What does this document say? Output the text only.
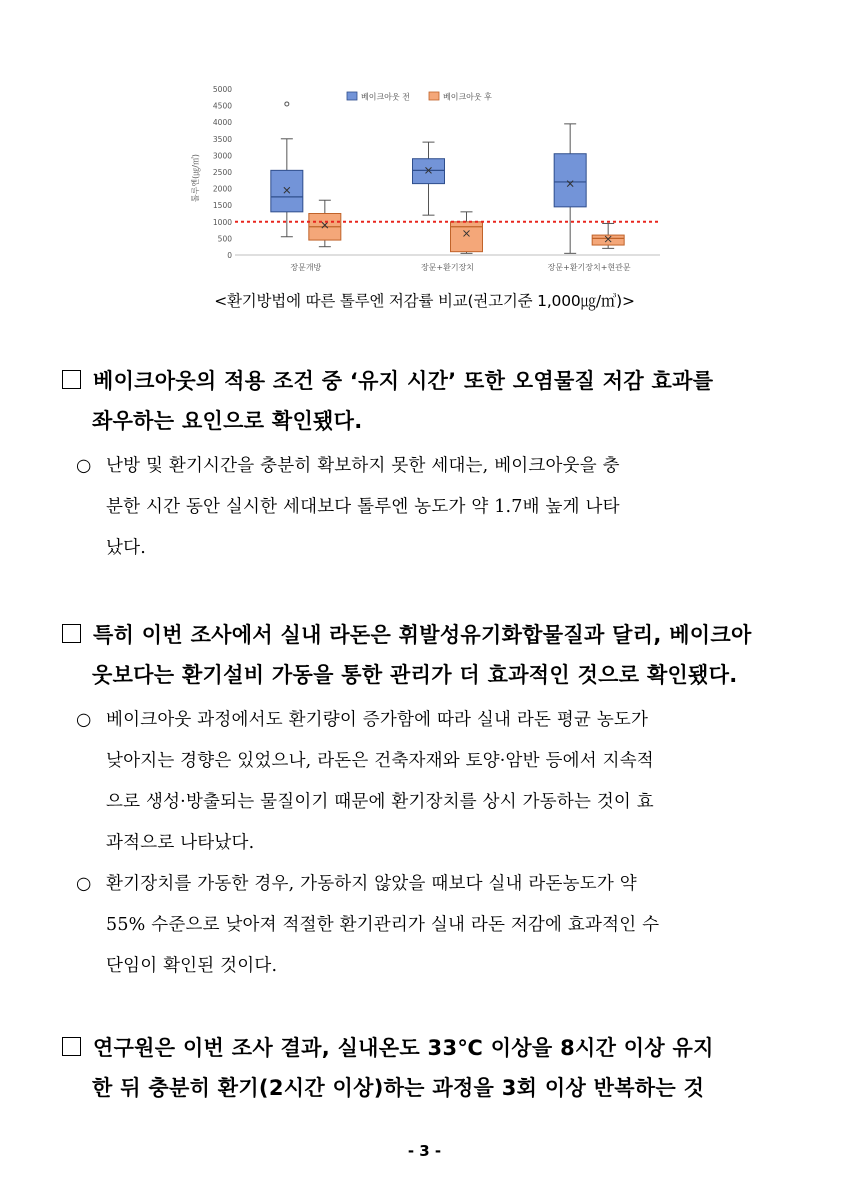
0
500
1000
1500
2000
2500
3000
3500
4000
4500
5000
톨루엔(㎍/㎥)
장문개방	장문+환기장치	장문+환기장치+현관문
베이크아웃 전	베이크아웃 후
<환기방법에 따른 톨루엔 저감률 비교(권고기준 1,000㎍/㎥)>
베이크아웃의 적용 조건 중 ‘유지 시간’ 또한 오염물질 저감 효과를
좌우하는 요인으로 확인됐다.
○ 난방 및 환기시간을 충분히 확보하지 못한 세대는, 베이크아웃을 충
분한 시간 동안 실시한 세대보다 톨루엔 농도가 약 1.7배 높게 나타
났다.
특히 이번 조사에서 실내 라돈은 휘발성유기화합물질과 달리, 베이크아
웃보다는 환기설비 가동을 통한 관리가 더 효과적인 것으로 확인됐다.
○ 베이크아웃 과정에서도 환기량이 증가함에 따라 실내 라돈 평균 농도가
낮아지는 경향은 있었으나, 라돈은 건축자재와 토양·암반 등에서 지속적
으로 생성·방출되는 물질이기 때문에 환기장치를 상시 가동하는 것이 효
과적으로 나타났다.
○ 환기장치를 가동한 경우, 가동하지 않았을 때보다 실내 라돈농도가 약
55% 수준으로 낮아져 적절한 환기관리가 실내 라돈 저감에 효과적인 수
단임이 확인된 것이다.
연구원은 이번 조사 결과, 실내온도 33℃ 이상을 8시간 이상 유지
한 뒤 충분히 환기(2시간 이상)하는 과정을 3회 이상 반복하는 것
- 3 -
